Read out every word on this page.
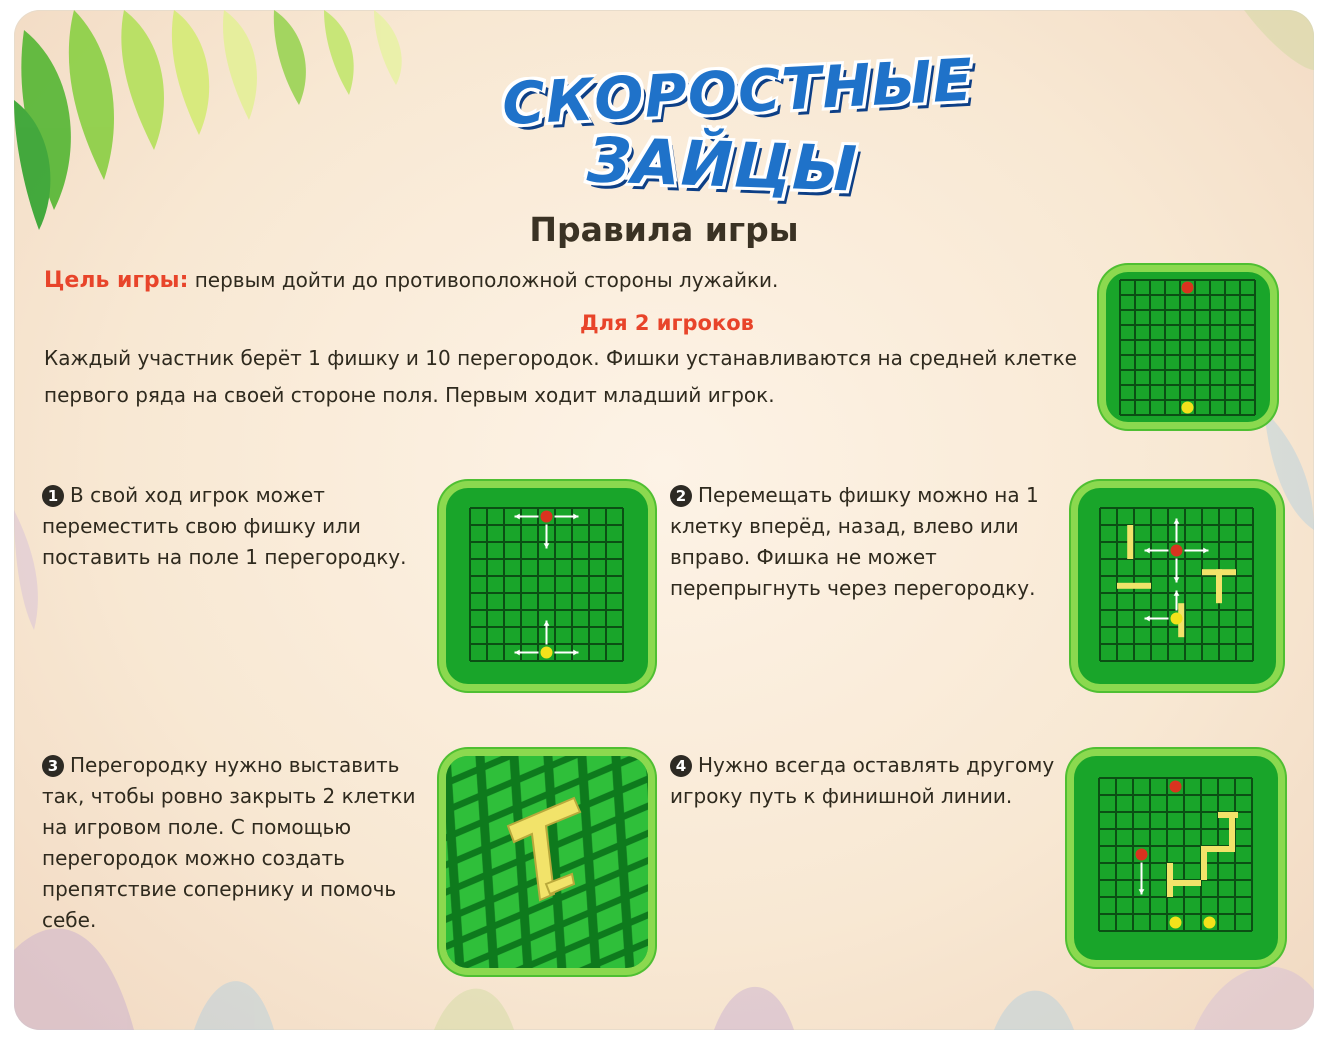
СКОРОСТНЫЕ
ЗАЙЦЫ
Правила игры
Цель игры: первым дойти до противоположной стороны лужайки.
Для 2 игроков
Каждый участник берёт 1 фишку и 10 перегородок. Фишки устанавливаются на средней клетке первого ряда на своей стороне поля. Первым ходит младший игрок.
1 В свой ход игрок может переместить свою фишку или поставить на поле 1 перегородку.
2 Перемещать фишку можно на 1 клетку вперёд, назад, влево или вправо. Фишка не может перепрыгнуть через перегородку.
3 Перегородку нужно выставить так, чтобы ровно закрыть 2 клетки на игровом поле. С помощью перегородок можно создать препятствие сопернику и помочь себе.
4 Нужно всегда оставлять другому игроку путь к финишной линии.
